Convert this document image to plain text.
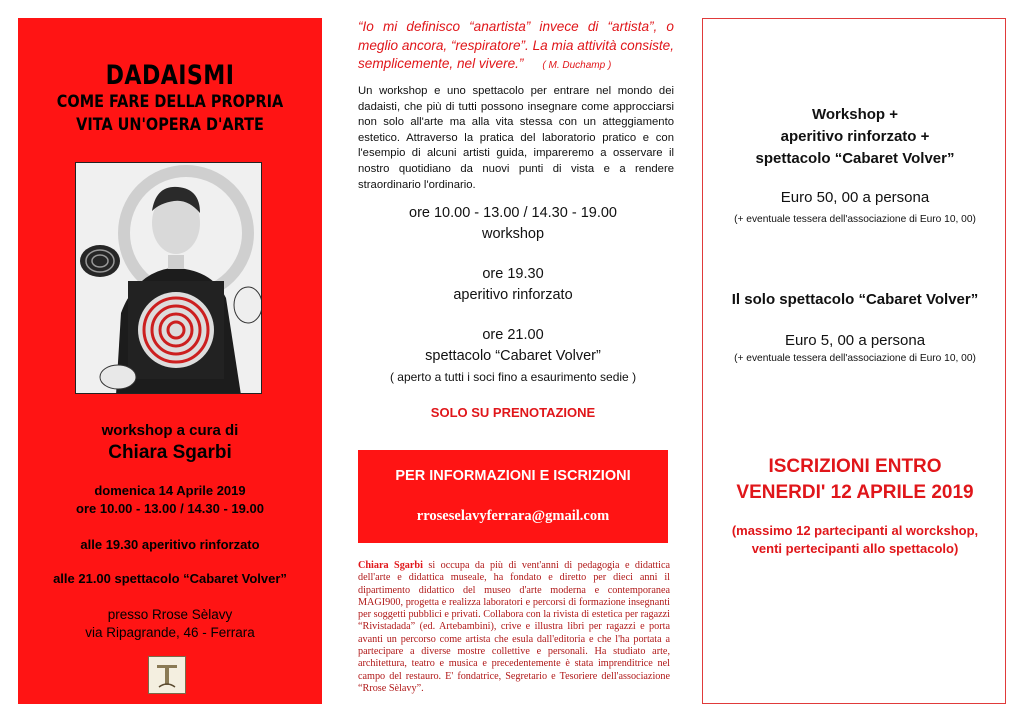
DADAISMI
COME FARE DELLA PROPRIA
VITA UN'OPERA D'ARTE
workshop a cura di
Chiara Sgarbi
domenica 14 Aprile 2019
ore 10.00 - 13.00 / 14.30 - 19.00
alle 19.30 aperitivo rinforzato
alle 21.00 spettacolo “Cabaret Volver”
presso Rrose Sèlavy
via Ripagrande, 46 - Ferrara
“Io mi definisco “anartista” invece di “artista”, o meglio ancora, “respiratore”. La mia attività consiste, semplicemente, nel vivere.” ( M. Duchamp )
Un workshop e uno spettacolo per entrare nel mondo dei dadaisti, che più di tutti possono insegnare come approcciarsi non solo all'arte ma alla vita stessa con un atteggiamento estetico. Attraverso la pratica del laboratorio pratico e con l'esempio di alcuni artisti guida, impareremo a osservare il nostro quotidiano da nuovi punti di vista e a rendere straordinario l'ordinario.
ore 10.00 - 13.00 / 14.30 - 19.00
workshop
ore 19.30
aperitivo rinforzato
ore 21.00
spettacolo “Cabaret Volver”
( aperto a tutti i soci fino a esaurimento sedie )
SOLO SU PRENOTAZIONE
PER INFORMAZIONI E ISCRIZIONI
rroseselavyferrara@gmail.com
Chiara Sgarbi si occupa da più di vent'anni di pedagogia e didattica dell'arte e didattica museale, ha fondato e diretto per dieci anni il dipartimento didattico del museo d'arte moderna e contemporanea MAGI900, progetta e realizza laboratori e percorsi di formazione insegnanti per soggetti pubblici e privati. Collabora con la rivista di estetica per ragazzi “Rivistadada” (ed. Artebambini), crive e illustra libri per ragazzi e porta avanti un percorso come artista che esula dall'editoria e che l'ha portata a partecipare a diverse mostre collettive e personali. Ha studiato arte, architettura, teatro e musica e precedentemente è stata imprenditrice nel campo del restauro. E' fondatrice, Segretario e Tesoriere dell'associazione “Rrose Sèlavy”.
Workshop +
aperitivo rinforzato +
spettacolo “Cabaret Volver”
Euro 50, 00 a persona
(+ eventuale tessera dell'associazione di Euro 10, 00)
Il solo spettacolo “Cabaret Volver”
Euro 5, 00 a persona
(+ eventuale tessera dell'associazione di Euro 10, 00)
ISCRIZIONI ENTRO
VENERDI' 12 APRILE 2019
(massimo 12 partecipanti al worckshop,
venti pertecipanti allo spettacolo)
